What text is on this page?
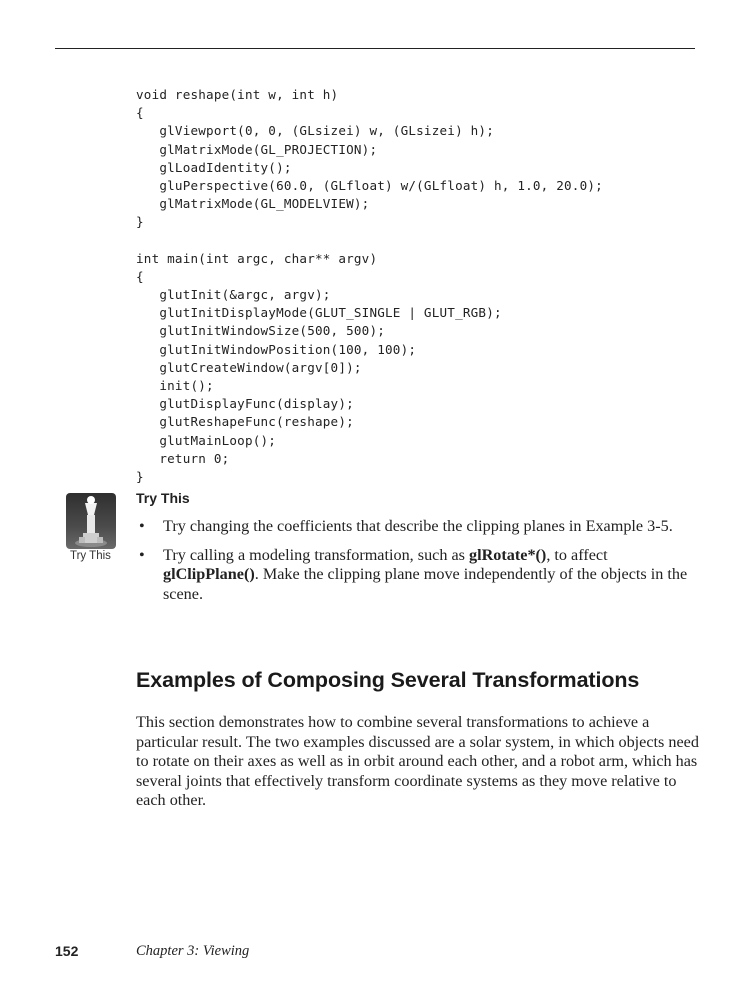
void reshape(int w, int h)
{
glViewport(0, 0, (GLsizei) w, (GLsizei) h);
glMatrixMode(GL_PROJECTION);
glLoadIdentity();
gluPerspective(60.0, (GLfloat) w/(GLfloat) h, 1.0, 20.0);
glMatrixMode(GL_MODELVIEW);
}
int main(int argc, char** argv)
{
glutInit(&argc, argv);
glutInitDisplayMode(GLUT_SINGLE | GLUT_RGB);
glutInitWindowSize(500, 500);
glutInitWindowPosition(100, 100);
glutCreateWindow(argv[0]);
init();
glutDisplayFunc(display);
glutReshapeFunc(reshape);
glutMainLoop();
return 0;
}
Try This
Try This
• Try changing the coefficients that describe the clipping planes in Example 3-5.
• Try calling a modeling transformation, such as glRotate*(), to affect glClipPlane(). Make the clipping plane move independently of the objects in the scene.
Examples of Composing Several Transformations
This section demonstrates how to combine several transformations to achieve a particular result. The two examples discussed are a solar system, in which objects need to rotate on their axes as well as in orbit around each other, and a robot arm, which has several joints that effectively transform coordinate systems as they move relative to each other.
152	Chapter 3: Viewing
